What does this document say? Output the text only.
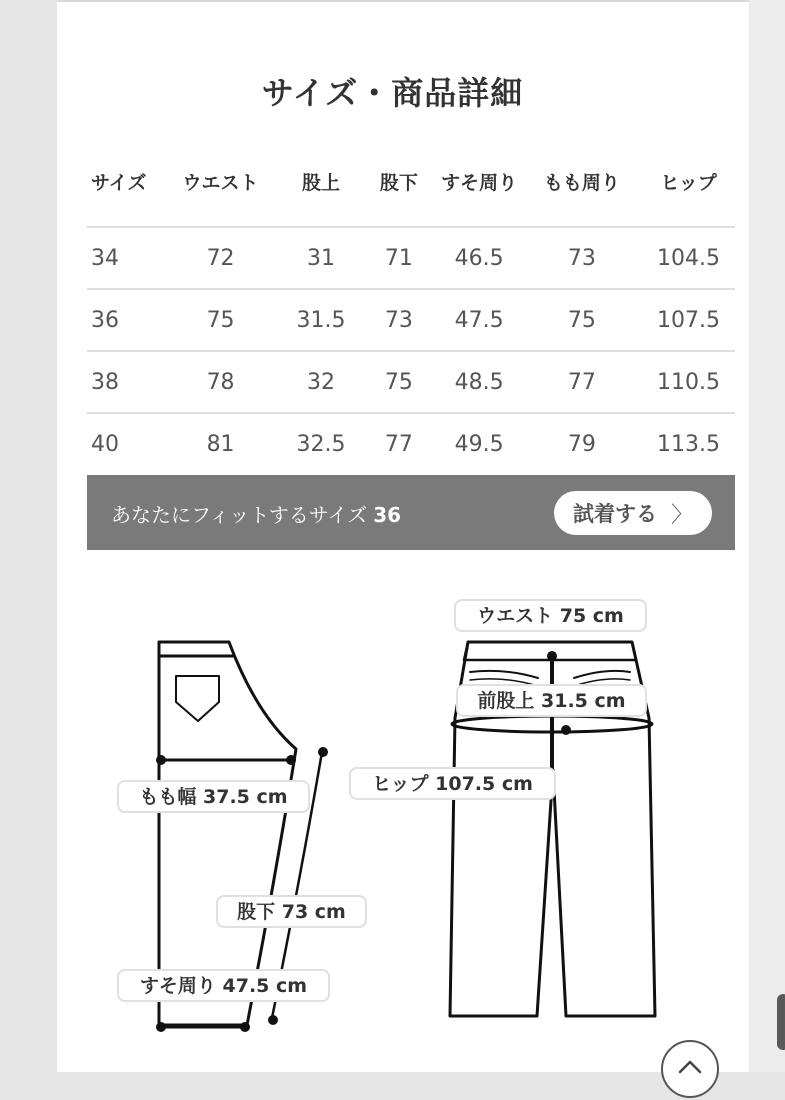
サイズ・商品詳細
サイズ	ウエスト	股上	股下	すそ周り	もも周り	ヒップ
34	72	31	71	46.5	73	104.5
36	75	31.5	73	47.5	75	107.5
38	78	32	75	48.5	77	110.5
40	81	32.5	77	49.5	79	113.5
あなたにフィットするサイズ 36	試着する 〉
ウエスト 75 cm
前股上 31.5 cm
ヒップ 107.5 cm
もも幅 37.5 cm
股下 73 cm
すそ周り 47.5 cm
